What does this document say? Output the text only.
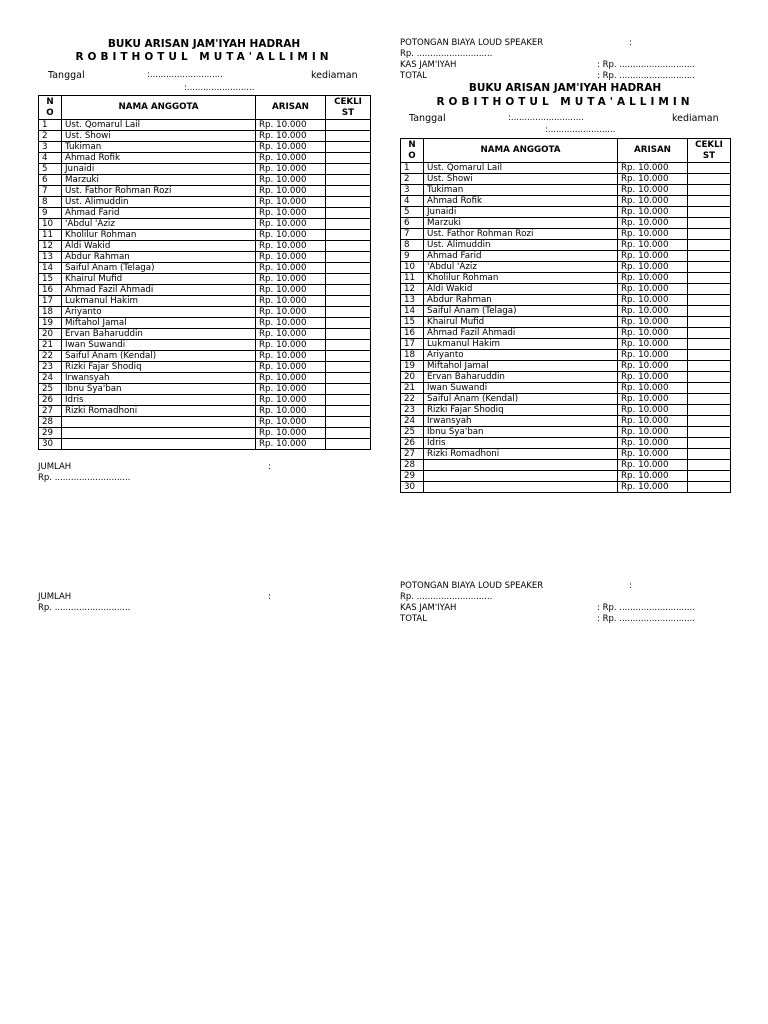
BUKU ARISAN JAM'IYAH HADRAH
ROBITHOTUL MUTA'ALLIMIN
Tanggal	:...........................	kediaman
:.........................
NO	NAMA ANGGOTA	ARISAN	CEKLIST
1	Ust. Qomarul Lail	Rp. 10.000	
2	Ust. Showi	Rp. 10.000	
3	Tukiman	Rp. 10.000	
4	Ahmad Rofik	Rp. 10.000	
5	Junaidi	Rp. 10.000	
6	Marzuki	Rp. 10.000	
7	Ust. Fathor Rohman Rozi	Rp. 10.000	
8	Ust. Alimuddin	Rp. 10.000	
9	Ahmad Farid	Rp. 10.000	
10	'Abdul 'Aziz	Rp. 10.000	
11	Kholilur Rohman	Rp. 10.000	
12	Aldi Wakid	Rp. 10.000	
13	Abdur Rahman	Rp. 10.000	
14	Saiful Anam (Telaga)	Rp. 10.000	
15	Khairul Mufid	Rp. 10.000	
16	Ahmad Fazil Ahmadi	Rp. 10.000	
17	Lukmanul Hakim	Rp. 10.000	
18	Ariyanto	Rp. 10.000	
19	Miftahol Jamal	Rp. 10.000	
20	Ervan Baharuddin	Rp. 10.000	
21	Iwan Suwandi	Rp. 10.000	
22	Saiful Anam (Kendal)	Rp. 10.000	
23	Rizki Fajar Shodiq	Rp. 10.000	
24	Irwansyah	Rp. 10.000	
25	Ibnu Sya'ban	Rp. 10.000	
26	Idris	Rp. 10.000	
27	Rizki Romadhoni	Rp. 10.000	
28		Rp. 10.000	
29		Rp. 10.000	
30		Rp. 10.000	
JUMLAH	:
Rp. ............................
JUMLAH	:
Rp. ............................
POTONGAN BIAYA LOUD SPEAKER	:
Rp. ............................
KAS JAM'IYAH	: Rp. ............................
TOTAL	: Rp. ............................
BUKU ARISAN JAM'IYAH HADRAH
ROBITHOTUL MUTA'ALLIMIN
Tanggal	:...........................	kediaman
:.........................
NO	NAMA ANGGOTA	ARISAN	CEKLIST
1	Ust. Qomarul Lail	Rp. 10.000	
2	Ust. Showi	Rp. 10.000	
3	Tukiman	Rp. 10.000	
4	Ahmad Rofik	Rp. 10.000	
5	Junaidi	Rp. 10.000	
6	Marzuki	Rp. 10.000	
7	Ust. Fathor Rohman Rozi	Rp. 10.000	
8	Ust. Alimuddin	Rp. 10.000	
9	Ahmad Farid	Rp. 10.000	
10	'Abdul 'Aziz	Rp. 10.000	
11	Kholilur Rohman	Rp. 10.000	
12	Aldi Wakid	Rp. 10.000	
13	Abdur Rahman	Rp. 10.000	
14	Saiful Anam (Telaga)	Rp. 10.000	
15	Khairul Mufid	Rp. 10.000	
16	Ahmad Fazil Ahmadi	Rp. 10.000	
17	Lukmanul Hakim	Rp. 10.000	
18	Ariyanto	Rp. 10.000	
19	Miftahol Jamal	Rp. 10.000	
20	Ervan Baharuddin	Rp. 10.000	
21	Iwan Suwandi	Rp. 10.000	
22	Saiful Anam (Kendal)	Rp. 10.000	
23	Rizki Fajar Shodiq	Rp. 10.000	
24	Irwansyah	Rp. 10.000	
25	Ibnu Sya'ban	Rp. 10.000	
26	Idris	Rp. 10.000	
27	Rizki Romadhoni	Rp. 10.000	
28		Rp. 10.000	
29		Rp. 10.000	
30		Rp. 10.000	
POTONGAN BIAYA LOUD SPEAKER	:
Rp. ............................
KAS JAM'IYAH	: Rp. ............................
TOTAL	: Rp. ............................
